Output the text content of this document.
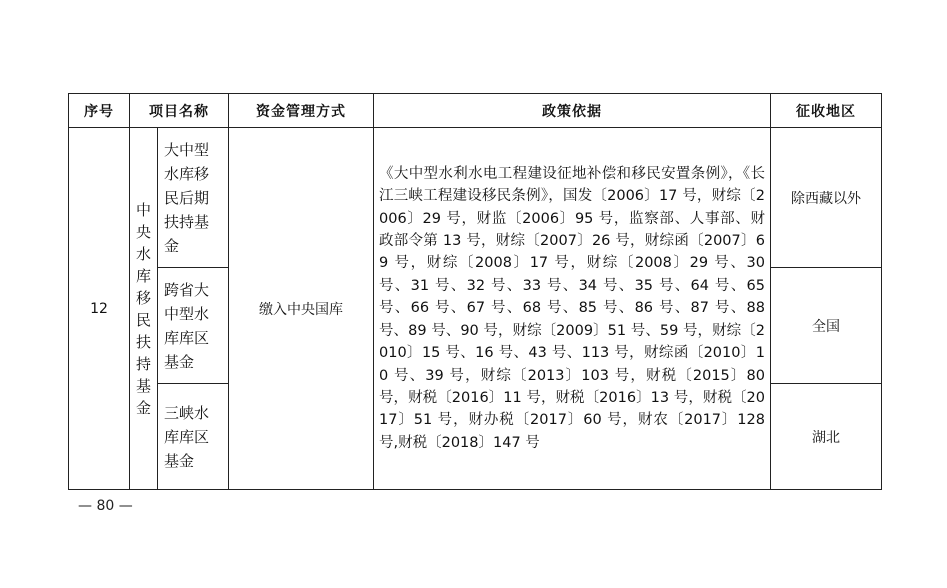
序号	项目名称		资金管理方式	政策依据	征收地区
12	中央水库移民扶持基金	大中型水库移民后期扶持基金	缴入中央国库	《大中型水利水电工程建设征地补偿和移民安置条例》，《长江三峡工程建设移民条例》，国发〔2006〕17 号，财综〔2006〕29 号，财监〔2006〕95 号，监察部、人事部、财政部令第 13 号，财综〔2007〕26 号，财综函〔2007〕69 号，财综〔2008〕17 号，财综〔2008〕29 号、30 号、31 号、32 号、33 号、34 号、35 号、64 号、65 号、66 号、67 号、68 号、85 号、86 号、87 号、88 号、89 号、90 号，财综〔2009〕51 号、59 号，财综〔2010〕15 号、16 号、43 号、113 号，财综函〔2010〕10 号、39 号，财综〔2013〕103 号，财税〔2015〕80 号，财税〔2016〕11 号，财税〔2016〕13 号，财税〔2017〕51 号，财办税〔2017〕60 号，财农〔2017〕128 号,财税〔2018〕147 号	除西藏以外
		跨省大中型水库库区基金			全国
		三峡水库库区基金			湖北
— 80 —
